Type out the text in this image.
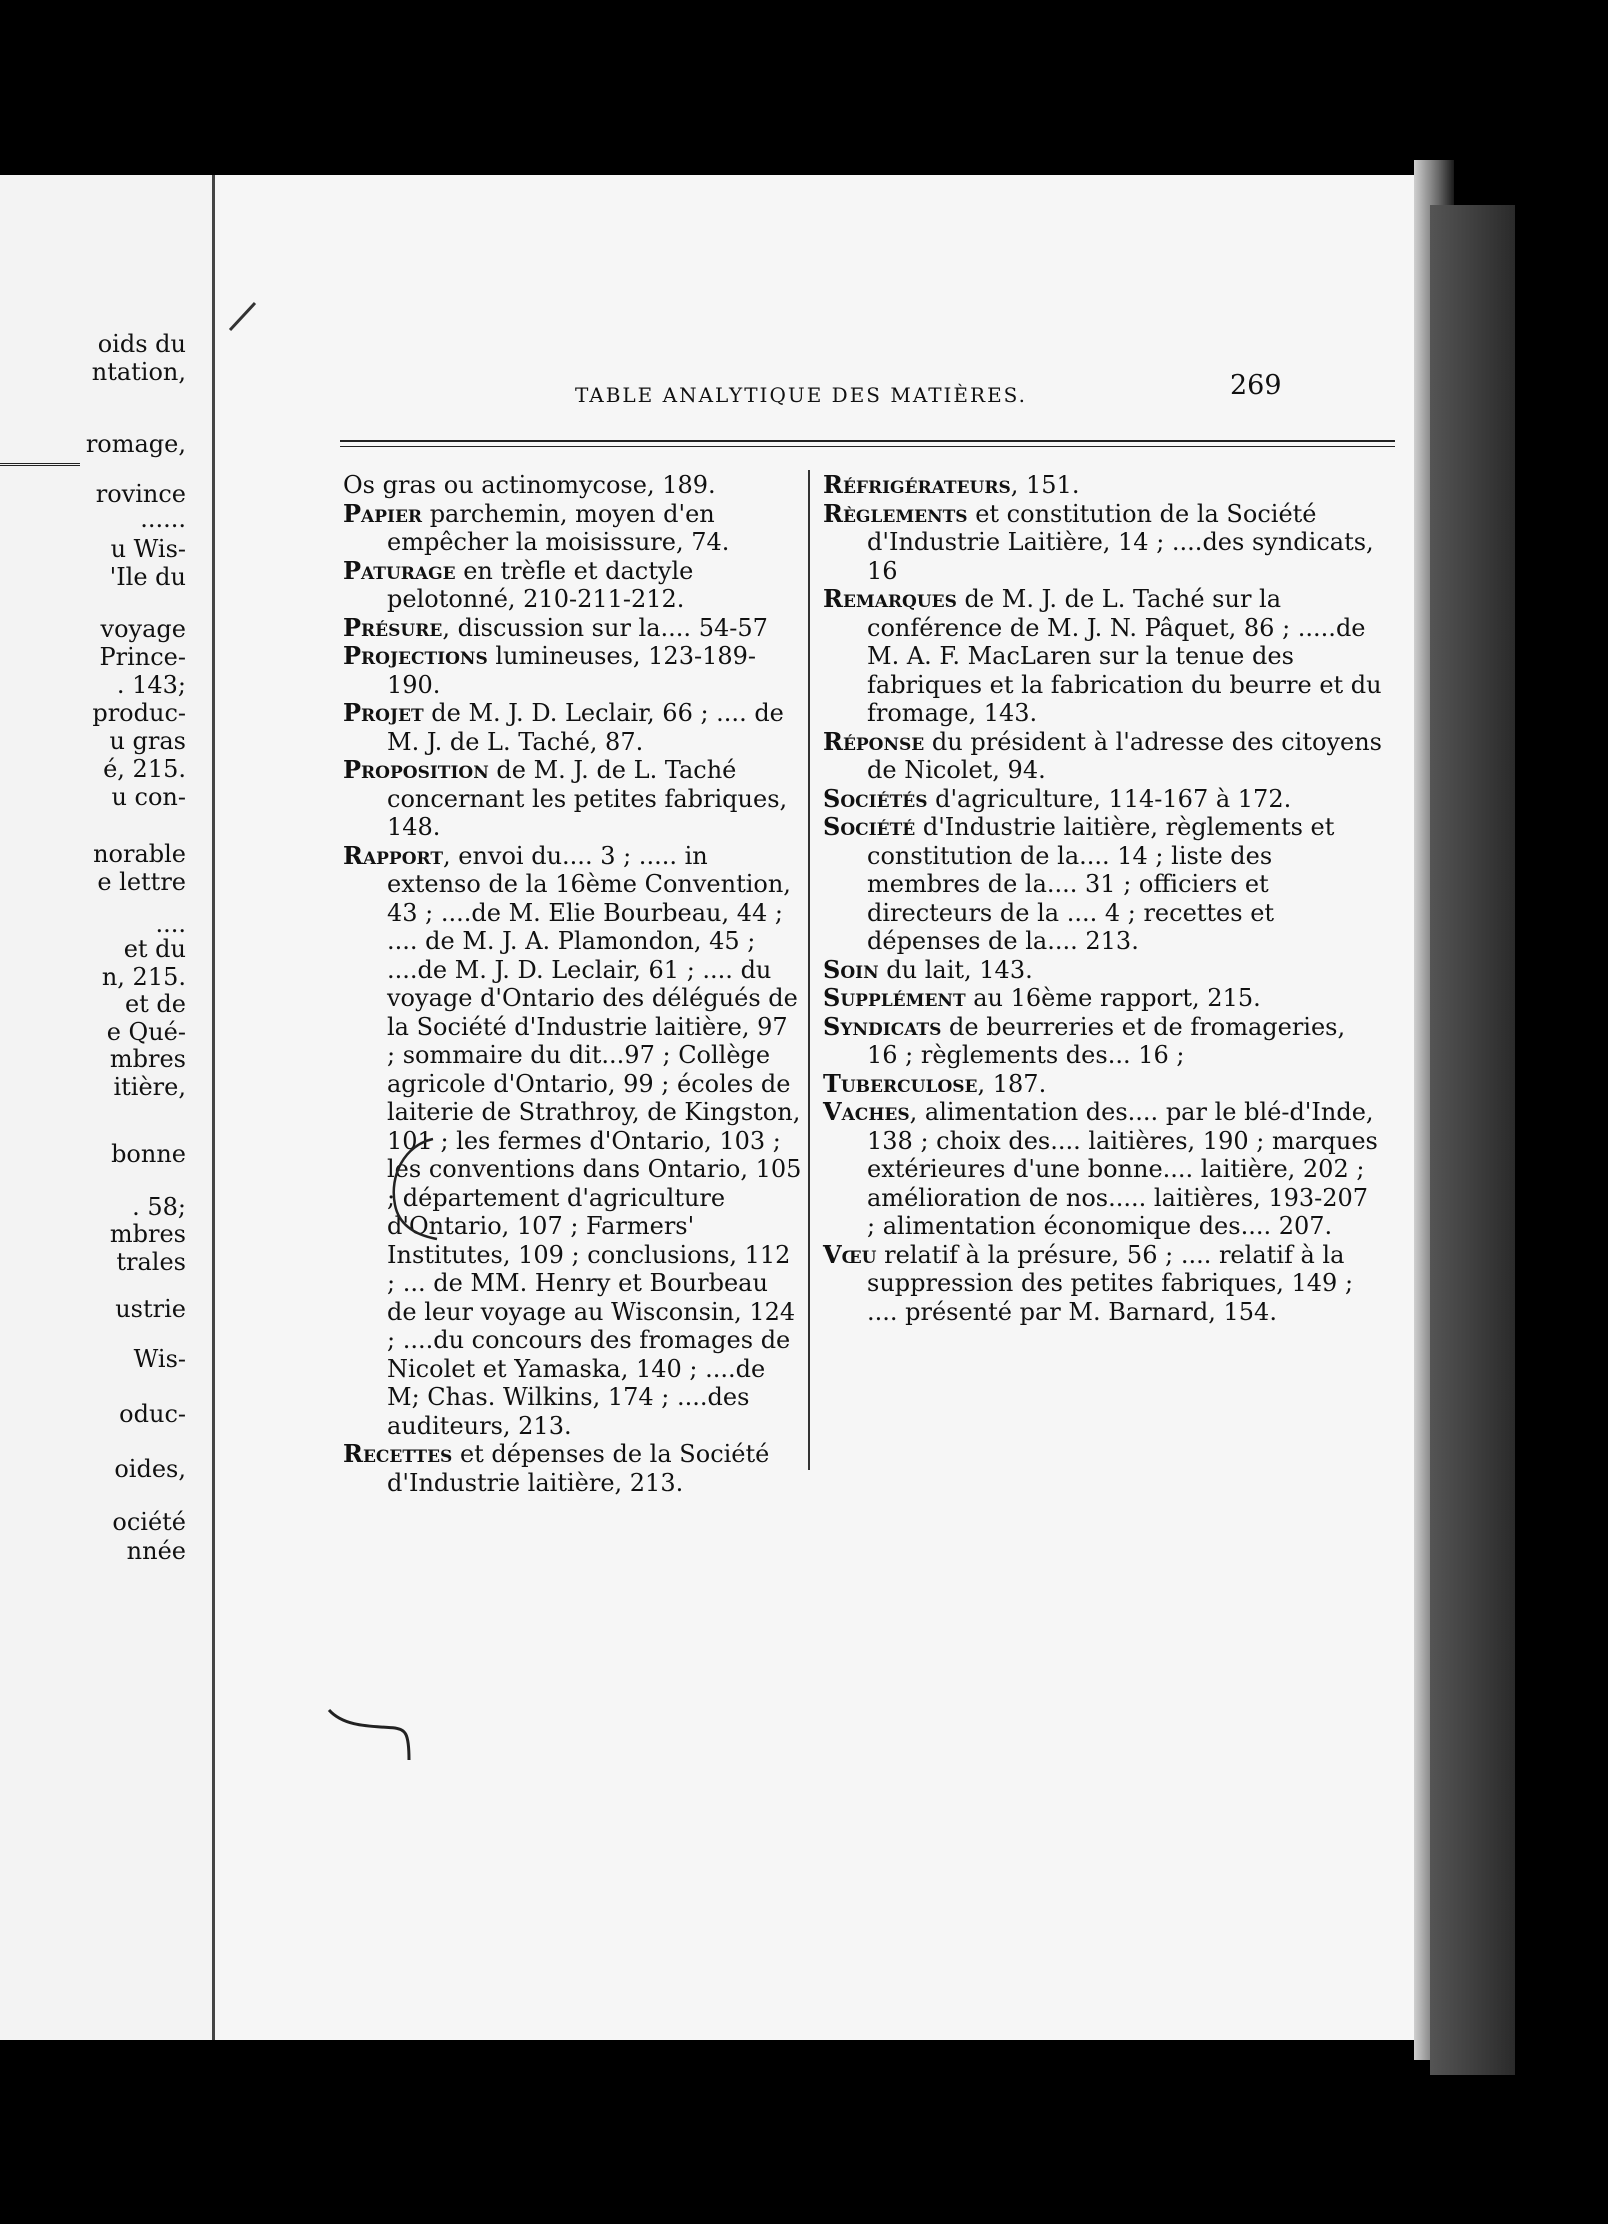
oids du
ntation,
romage,
rovince
......
u Wis-
'Ile du
voyage
Prince-
. 143;
produc-
u gras
é, 215.
u con-
norable
e lettre
....
et du
n, 215.
et de
e Qué-
mbres
itière,
bonne
. 58;
mbres
trales
ustrie
Wis-
oduc-
oides,
ociété
nnée
TABLE ANALYTIQUE DES MATIÈRES.	269

Os gras ou actinomycose, 189.

Papier parchemin, moyen d'en empêcher la moisissure, 74.

Paturage en trèfle et dactyle pelotonné, 210-211-212.

Présure, discussion sur la.... 54-57

Projections lumineuses, 123-189-190.

Projet de M. J. D. Leclair, 66 ; .... de M. J. de L. Taché, 87.

Proposition de M. J. de L. Taché concernant les petites fabriques, 148.

Rapport, envoi du.... 3 ; ..... in extenso de la 16ème Convention, 43 ; ....de M. Elie Bourbeau, 44 ; .... de M. J. A. Plamondon, 45 ; ....de M. J. D. Leclair, 61 ; .... du voyage d'Ontario des délégués de la Société d'Industrie laitière, 97 ; sommaire du dit...97 ; Collège agricole d'Ontario, 99 ; écoles de laiterie de Strathroy, de Kingston, 101 ; les fermes d'Ontario, 103 ; les conventions dans Ontario, 105 ; département d'agriculture d'Ontario, 107 ; Farmers' Institutes, 109 ; conclusions, 112 ; ... de MM. Henry et Bourbeau de leur voyage au Wisconsin, 124 ; ....du concours des fromages de Nicolet et Yamaska, 140 ; ....de M; Chas. Wilkins, 174 ; ....des auditeurs, 213.

Recettes et dépenses de la Société d'Industrie laitière, 213.

Réfrigérateurs, 151.

Règlements et constitution de la Société d'Industrie Laitière, 14 ; ....des syndicats, 16

Remarques de M. J. de L. Taché sur la conférence de M. J. N. Pâquet, 86 ; .....de M. A. F. MacLaren sur la tenue des fabriques et la fabrication du beurre et du fromage, 143.

Réponse du président à l'adresse des citoyens de Nicolet, 94.

Sociétés d'agriculture, 114-167 à 172.

Société d'Industrie laitière, règlements et constitution de la.... 14 ; liste des membres de la.... 31 ; officiers et directeurs de la .... 4 ; recettes et dépenses de la.... 213.

Soin du lait, 143.

Supplément au 16ème rapport, 215.

Syndicats de beurreries et de fromageries, 16 ; règlements des... 16 ;

Tuberculose, 187.

Vaches, alimentation des.... par le blé-d'Inde, 138 ; choix des.... laitières, 190 ; marques extérieures d'une bonne.... laitière, 202 ; amélioration de nos..... laitières, 193-207 ; alimentation économique des.... 207.

Vœu relatif à la présure, 56 ; .... relatif à la suppression des petites fabriques, 149 ; .... présenté par M. Barnard, 154.
